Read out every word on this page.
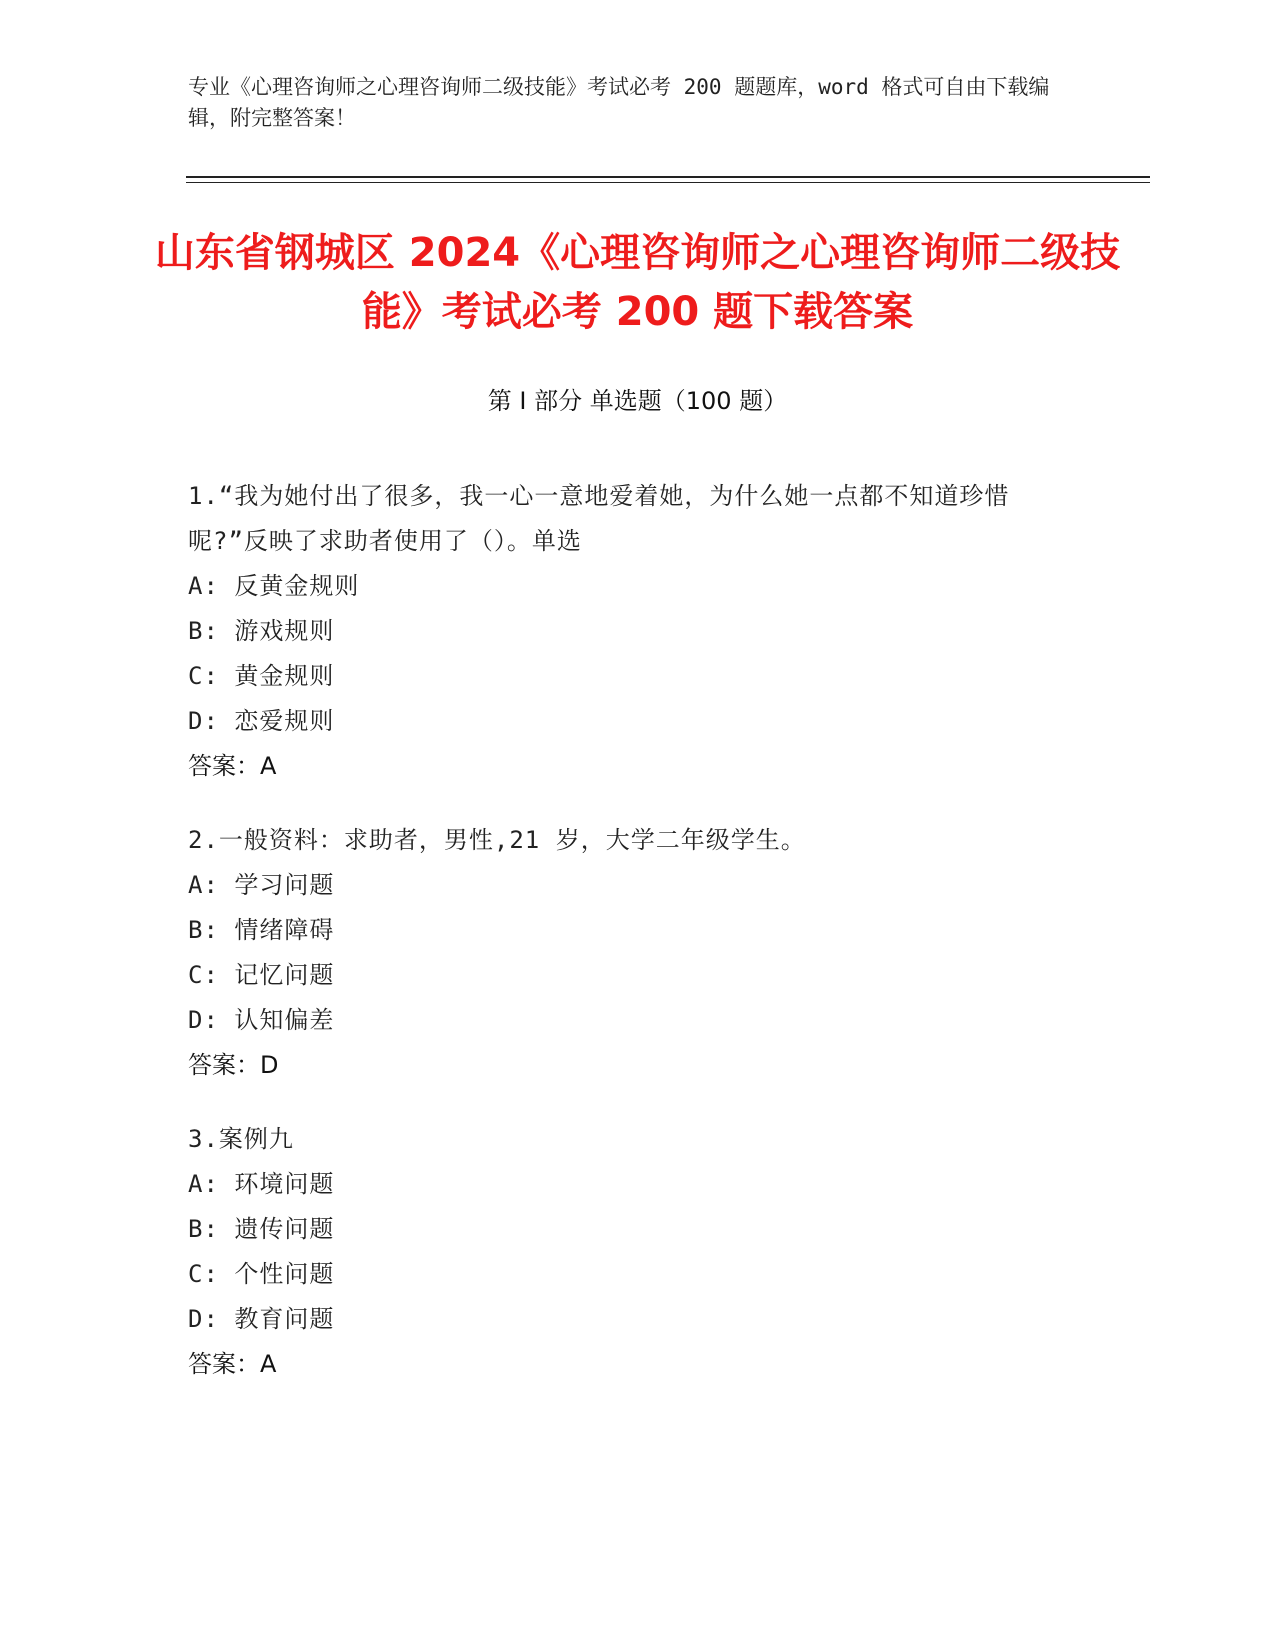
专业《心理咨询师之心理咨询师二级技能》考试必考 200 题题库，word 格式可自由下载编辑，附完整答案！
山东省钢城区 2024《心理咨询师之心理咨询师二级技能》考试必考 200 题下载答案
第 I 部分 单选题（100 题）
1.“我为她付出了很多，我一心一意地爱着她，为什么她一点都不知道珍惜呢?”反映了求助者使用了（）。单选
A: 反黄金规则
B: 游戏规则
C: 黄金规则
D: 恋爱规则
答案：A
2.一般资料：求助者，男性,21 岁，大学二年级学生。
A: 学习问题
B: 情绪障碍
C: 记忆问题
D: 认知偏差
答案：D
3.案例九
A: 环境问题
B: 遗传问题
C: 个性问题
D: 教育问题
答案：A
